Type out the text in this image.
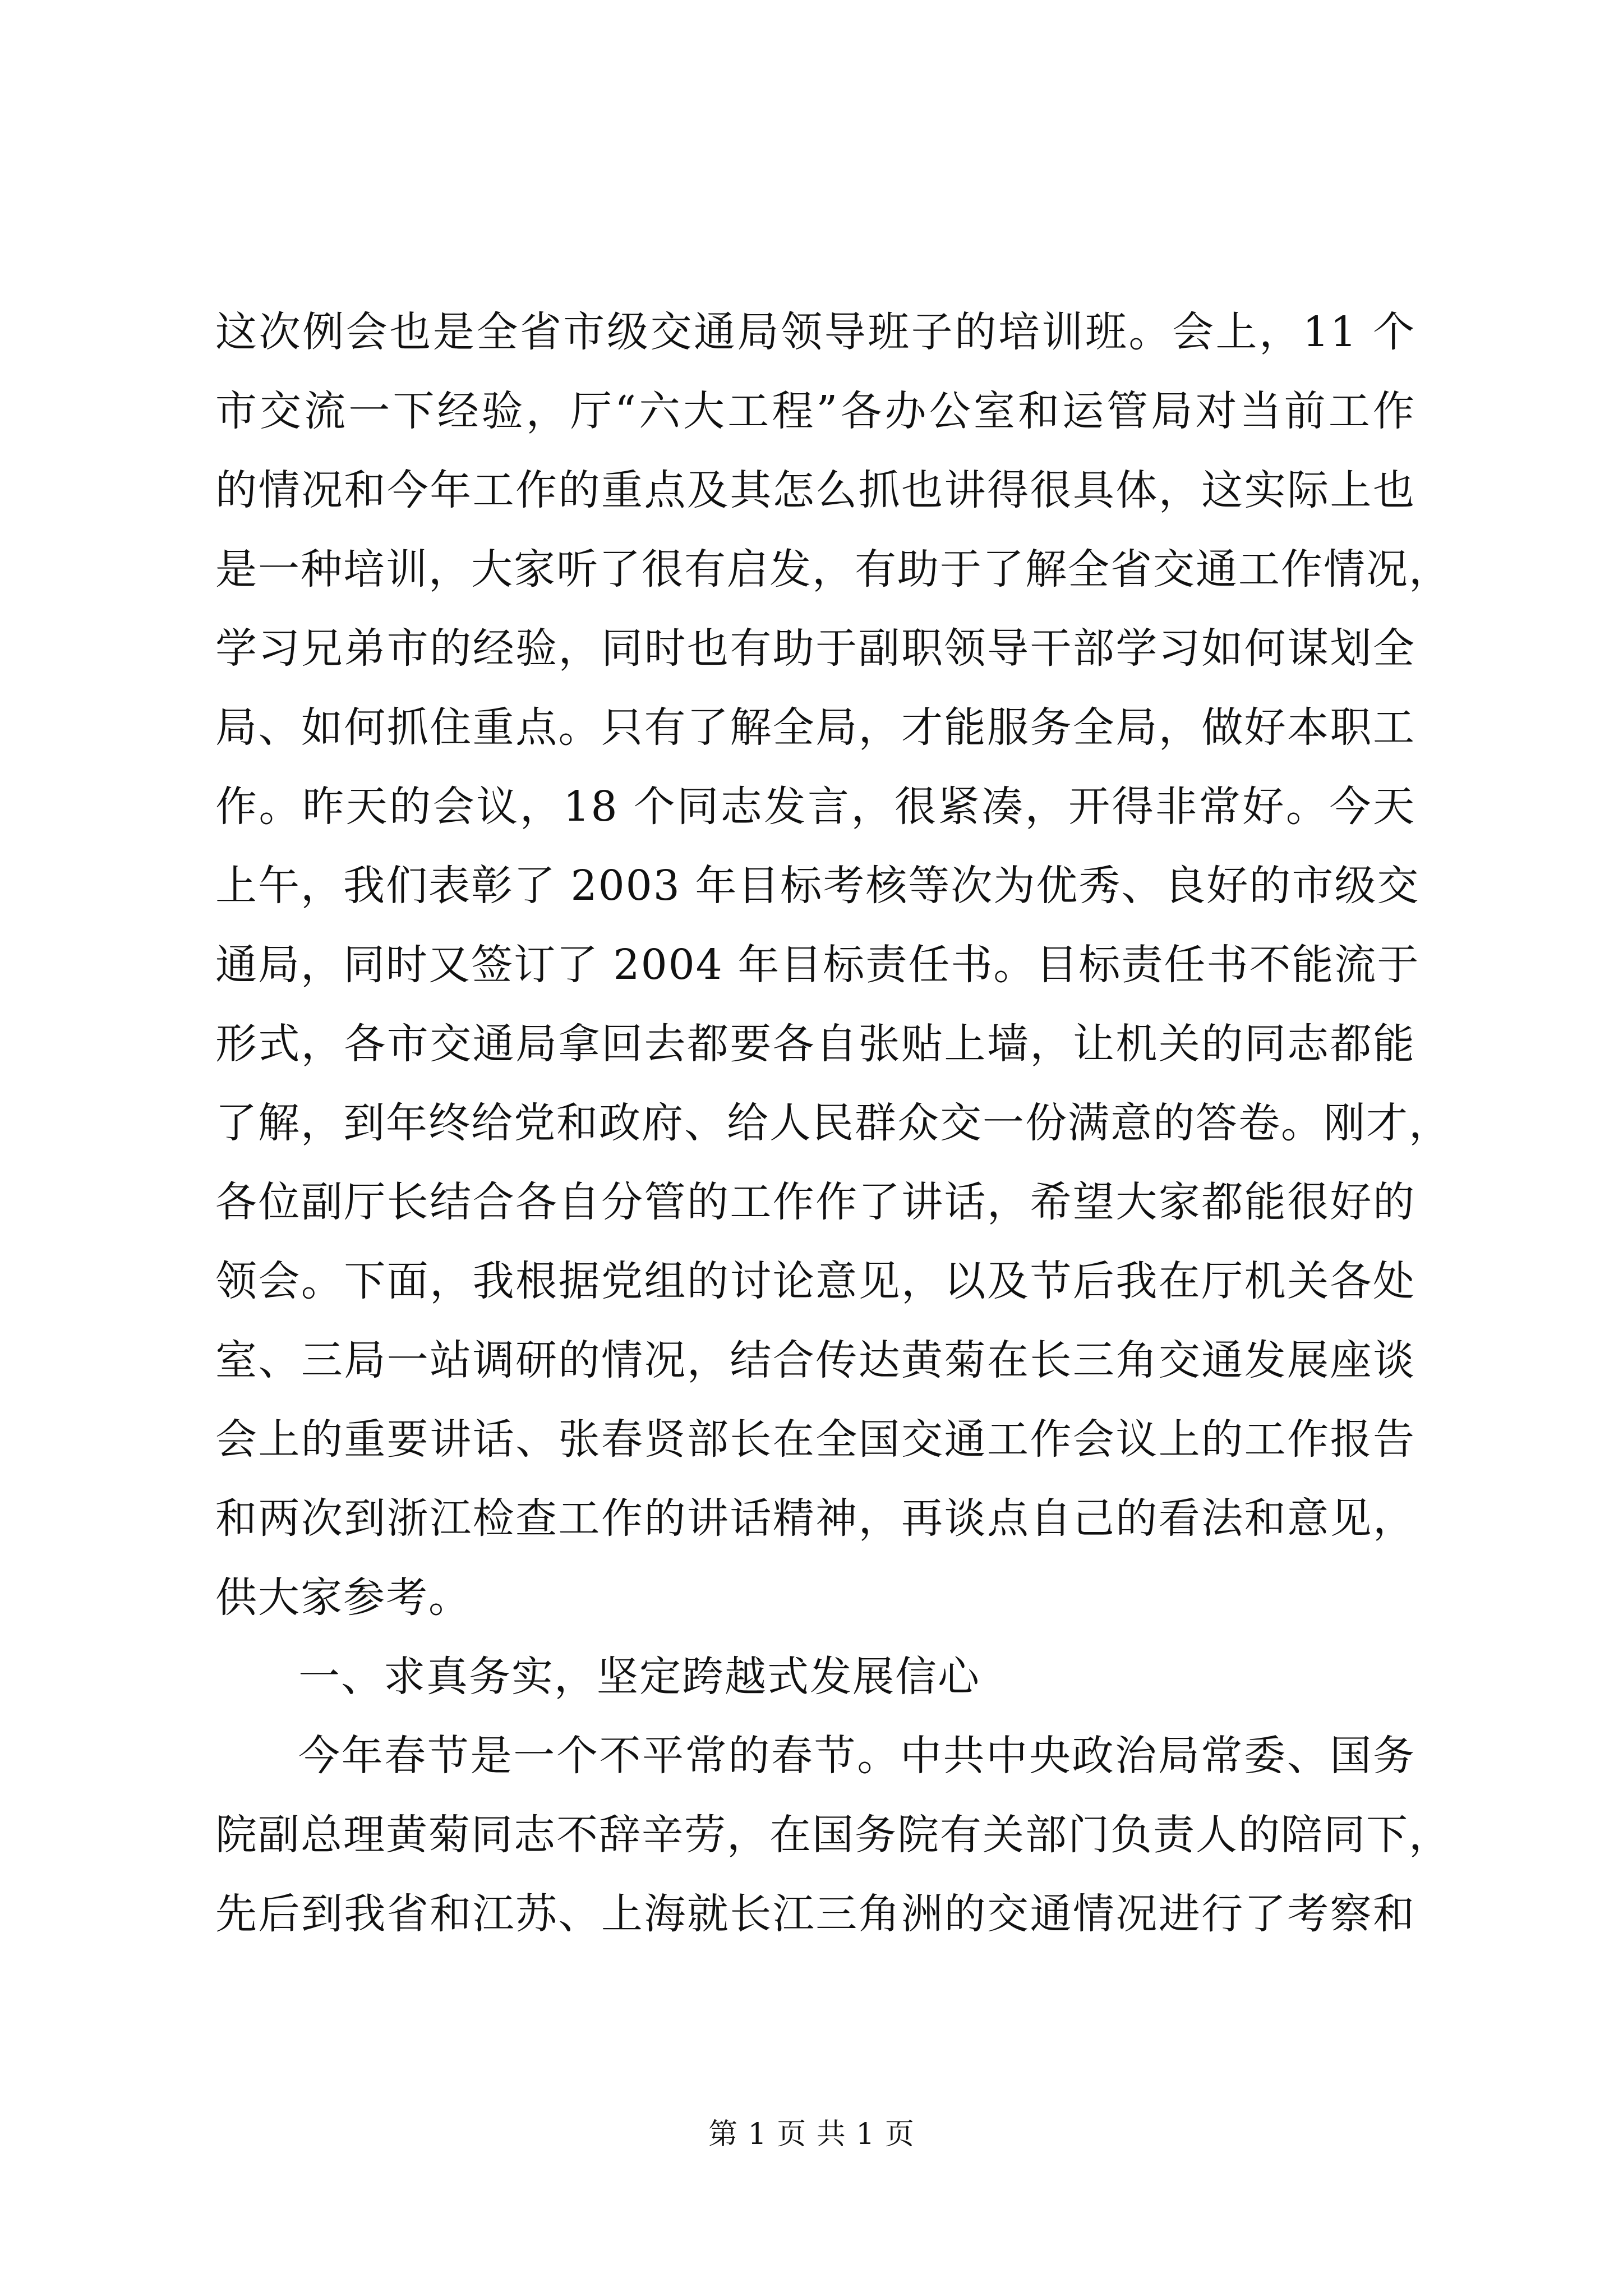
这次例会也是全省市级交通局领导班子的培训班。会上，11 个
市交流一下经验，厅“六大工程”各办公室和运管局对当前工作
的情况和今年工作的重点及其怎么抓也讲得很具体，这实际上也
是一种培训，大家听了很有启发，有助于了解全省交通工作情况，
学习兄弟市的经验，同时也有助于副职领导干部学习如何谋划全
局、如何抓住重点。只有了解全局，才能服务全局，做好本职工
作。昨天的会议，18 个同志发言，很紧凑，开得非常好。今天
上午，我们表彰了 2003 年目标考核等次为优秀、良好的市级交
通局，同时又签订了 2004 年目标责任书。目标责任书不能流于
形式，各市交通局拿回去都要各自张贴上墙，让机关的同志都能
了解，到年终给党和政府、给人民群众交一份满意的答卷。刚才，
各位副厅长结合各自分管的工作作了讲话，希望大家都能很好的
领会。下面，我根据党组的讨论意见，以及节后我在厅机关各处
室、三局一站调研的情况，结合传达黄菊在长三角交通发展座谈
会上的重要讲话、张春贤部长在全国交通工作会议上的工作报告
和两次到浙江检查工作的讲话精神，再谈点自己的看法和意见，
供大家参考。
一、求真务实，坚定跨越式发展信心
今年春节是一个不平常的春节。中共中央政治局常委、国务
院副总理黄菊同志不辞辛劳，在国务院有关部门负责人的陪同下，
先后到我省和江苏、上海就长江三角洲的交通情况进行了考察和
第 1 页 共 1 页
